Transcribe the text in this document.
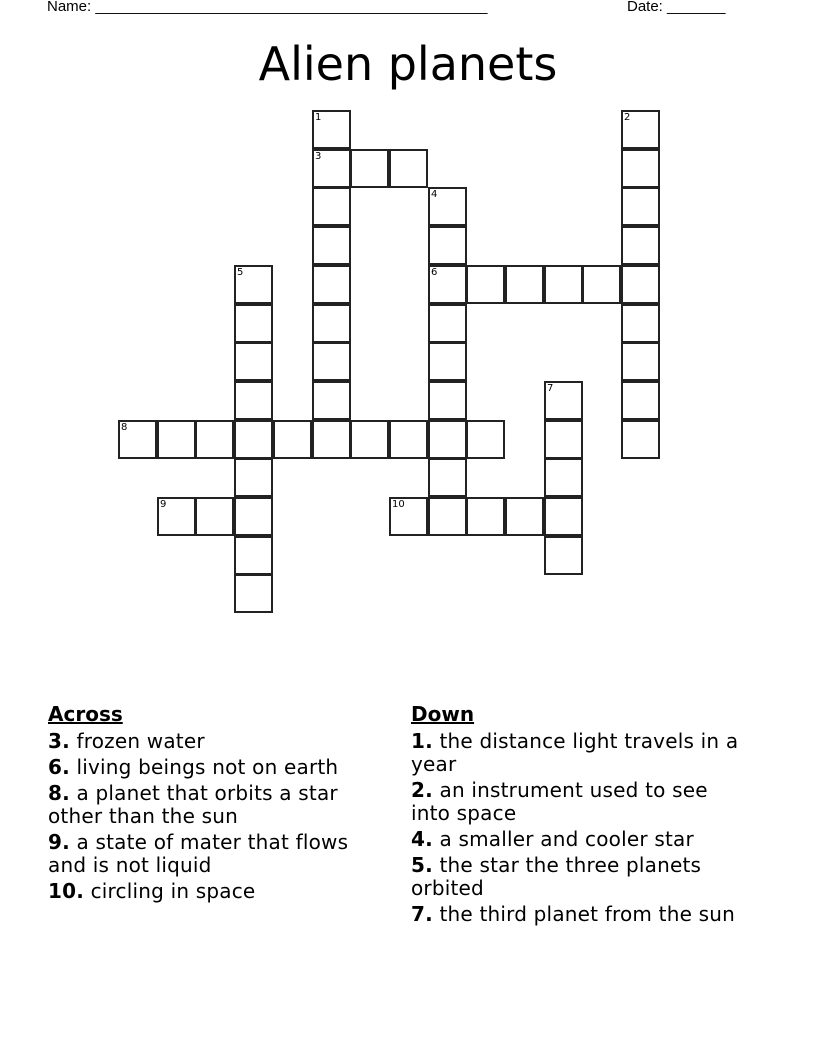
Name: _______________________________________________	Date: _______
Alien planets
1	2
3
4
5	6
7
8
9	10
Across
3. frozen water
6. living beings not on earth
8. a planet that orbits a star other than the sun
9. a state of mater that flows and is not liquid
10. circling in space
Down
1. the distance light travels in a year
2. an instrument used to see into space
4. a smaller and cooler star
5. the star the three planets orbited
7. the third planet from the sun
